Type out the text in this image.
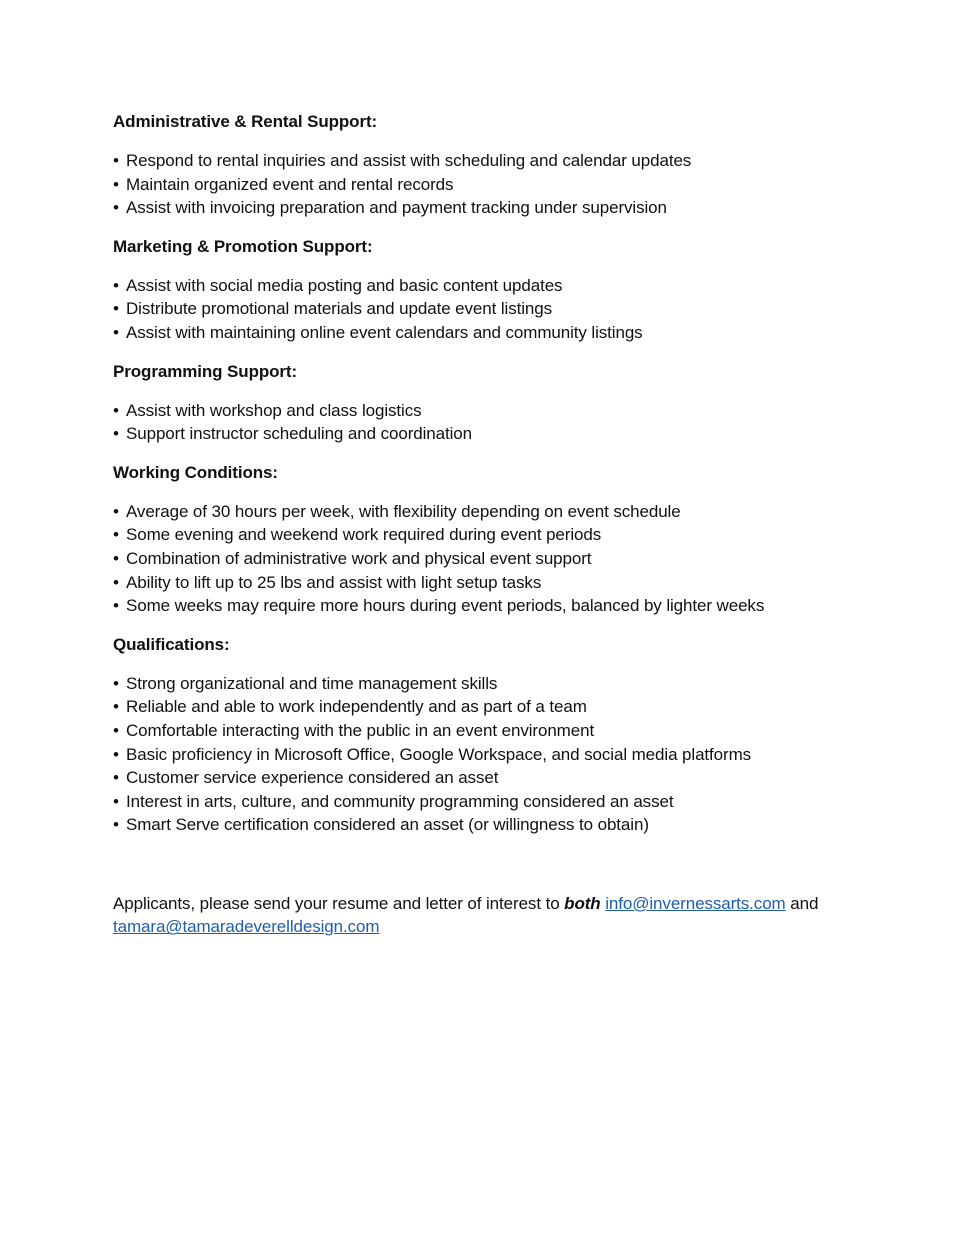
Administrative & Rental Support:
• Respond to rental inquiries and assist with scheduling and calendar updates
• Maintain organized event and rental records
• Assist with invoicing preparation and payment tracking under supervision
Marketing & Promotion Support:
• Assist with social media posting and basic content updates
• Distribute promotional materials and update event listings
• Assist with maintaining online event calendars and community listings
Programming Support:
• Assist with workshop and class logistics
• Support instructor scheduling and coordination
Working Conditions:
• Average of 30 hours per week, with flexibility depending on event schedule
• Some evening and weekend work required during event periods
• Combination of administrative work and physical event support
• Ability to lift up to 25 lbs and assist with light setup tasks
• Some weeks may require more hours during event periods, balanced by lighter weeks
Qualifications:
• Strong organizational and time management skills
• Reliable and able to work independently and as part of a team
• Comfortable interacting with the public in an event environment
• Basic proficiency in Microsoft Office, Google Workspace, and social media platforms
• Customer service experience considered an asset
• Interest in arts, culture, and community programming considered an asset
• Smart Serve certification considered an asset (or willingness to obtain)

Applicants, please send your resume and letter of interest to both info@invernessarts.com and
tamara@tamaradeverelldesign.com
